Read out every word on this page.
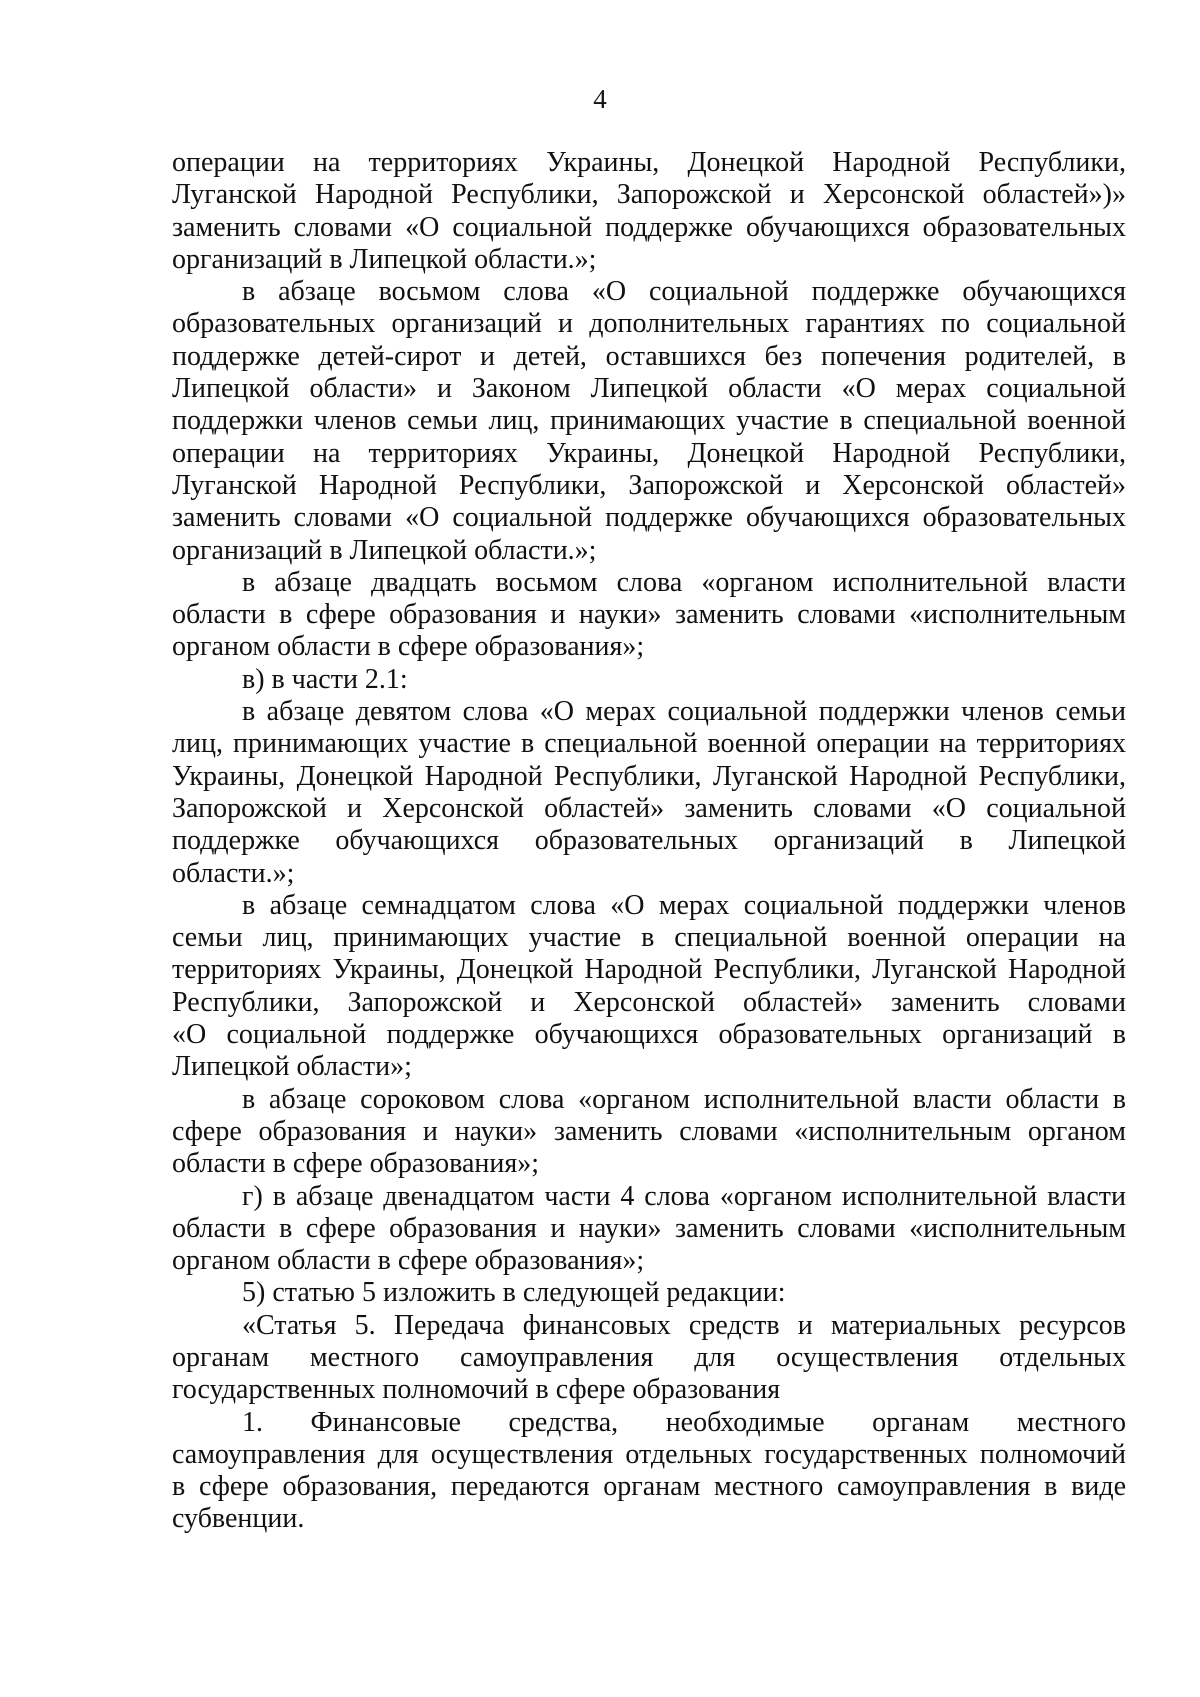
4
операции на территориях Украины, Донецкой Народной Республики,
Луганской Народной Республики, Запорожской и Херсонской областей»)»
заменить словами «О социальной поддержке обучающихся образовательных
организаций в Липецкой области.»;
в абзаце восьмом слова «О социальной поддержке обучающихся
образовательных организаций и дополнительных гарантиях по социальной
поддержке детей-сирот и детей, оставшихся без попечения родителей, в
Липецкой области» и Законом Липецкой области «О мерах социальной
поддержки членов семьи лиц, принимающих участие в специальной военной
операции на территориях Украины, Донецкой Народной Республики,
Луганской Народной Республики, Запорожской и Херсонской областей»
заменить словами «О социальной поддержке обучающихся образовательных
организаций в Липецкой области.»;
в абзаце двадцать восьмом слова «органом исполнительной власти
области в сфере образования и науки» заменить словами «исполнительным
органом области в сфере образования»;
в) в части 2.1:
в абзаце девятом слова «О мерах социальной поддержки членов семьи
лиц, принимающих участие в специальной военной операции на территориях
Украины, Донецкой Народной Республики, Луганской Народной Республики,
Запорожской и Херсонской областей» заменить словами «О социальной
поддержке обучающихся образовательных организаций в Липецкой
области.»;
в абзаце семнадцатом слова «О мерах социальной поддержки членов
семьи лиц, принимающих участие в специальной военной операции на
территориях Украины, Донецкой Народной Республики, Луганской Народной
Республики, Запорожской и Херсонской областей» заменить словами
«О социальной поддержке обучающихся образовательных организаций в
Липецкой области»;
в абзаце сороковом слова «органом исполнительной власти области в
сфере образования и науки» заменить словами «исполнительным органом
области в сфере образования»;
г) в абзаце двенадцатом части 4 слова «органом исполнительной власти
области в сфере образования и науки» заменить словами «исполнительным
органом области в сфере образования»;
5) статью 5 изложить в следующей редакции:
«Статья 5. Передача финансовых средств и материальных ресурсов
органам местного самоуправления для осуществления отдельных
государственных полномочий в сфере образования
1. Финансовые средства, необходимые органам местного
самоуправления для осуществления отдельных государственных полномочий
в сфере образования, передаются органам местного самоуправления в виде
субвенции.
